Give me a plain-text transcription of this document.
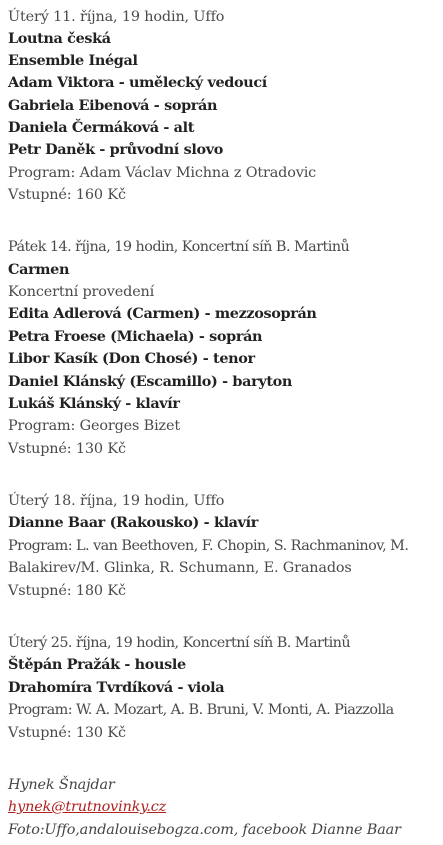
Úterý 11. října, 19 hodin, Uffo
Loutna česká
Ensemble Inégal
Adam Viktora - umělecký vedoucí
Gabriela Eibenová - soprán
Daniela Čermáková - alt
Petr Daněk - průvodní slovo
Program: Adam Václav Michna z Otradovic
Vstupné: 160 Kč
Pátek 14. října, 19 hodin, Koncertní síň B. Martinů
Carmen
Koncertní provedení
Edita Adlerová (Carmen) - mezzosoprán
Petra Froese (Michaela) - soprán
Libor Kasík (Don Chosé) - tenor
Daniel Klánský (Escamillo) - baryton
Lukáš Klánský - klavír
Program: Georges Bizet
Vstupné: 130 Kč
Úterý 18. října, 19 hodin, Uffo
Dianne Baar (Rakousko) - klavír
Program: L. van Beethoven, F. Chopin, S. Rachmaninov, M.
Balakirev/M. Glinka, R. Schumann, E. Granados
Vstupné: 180 Kč
Úterý 25. října, 19 hodin, Koncertní síň B. Martinů
Štěpán Pražák - housle
Drahomíra Tvrdíková - viola
Program: W. A. Mozart, A. B. Bruni, V. Monti, A. Piazzolla
Vstupné: 130 Kč
Hynek Šnajdar
hynek@trutnovinky.cz
Foto:Uffo,andalouisebogza.com, facebook Dianne Baar
